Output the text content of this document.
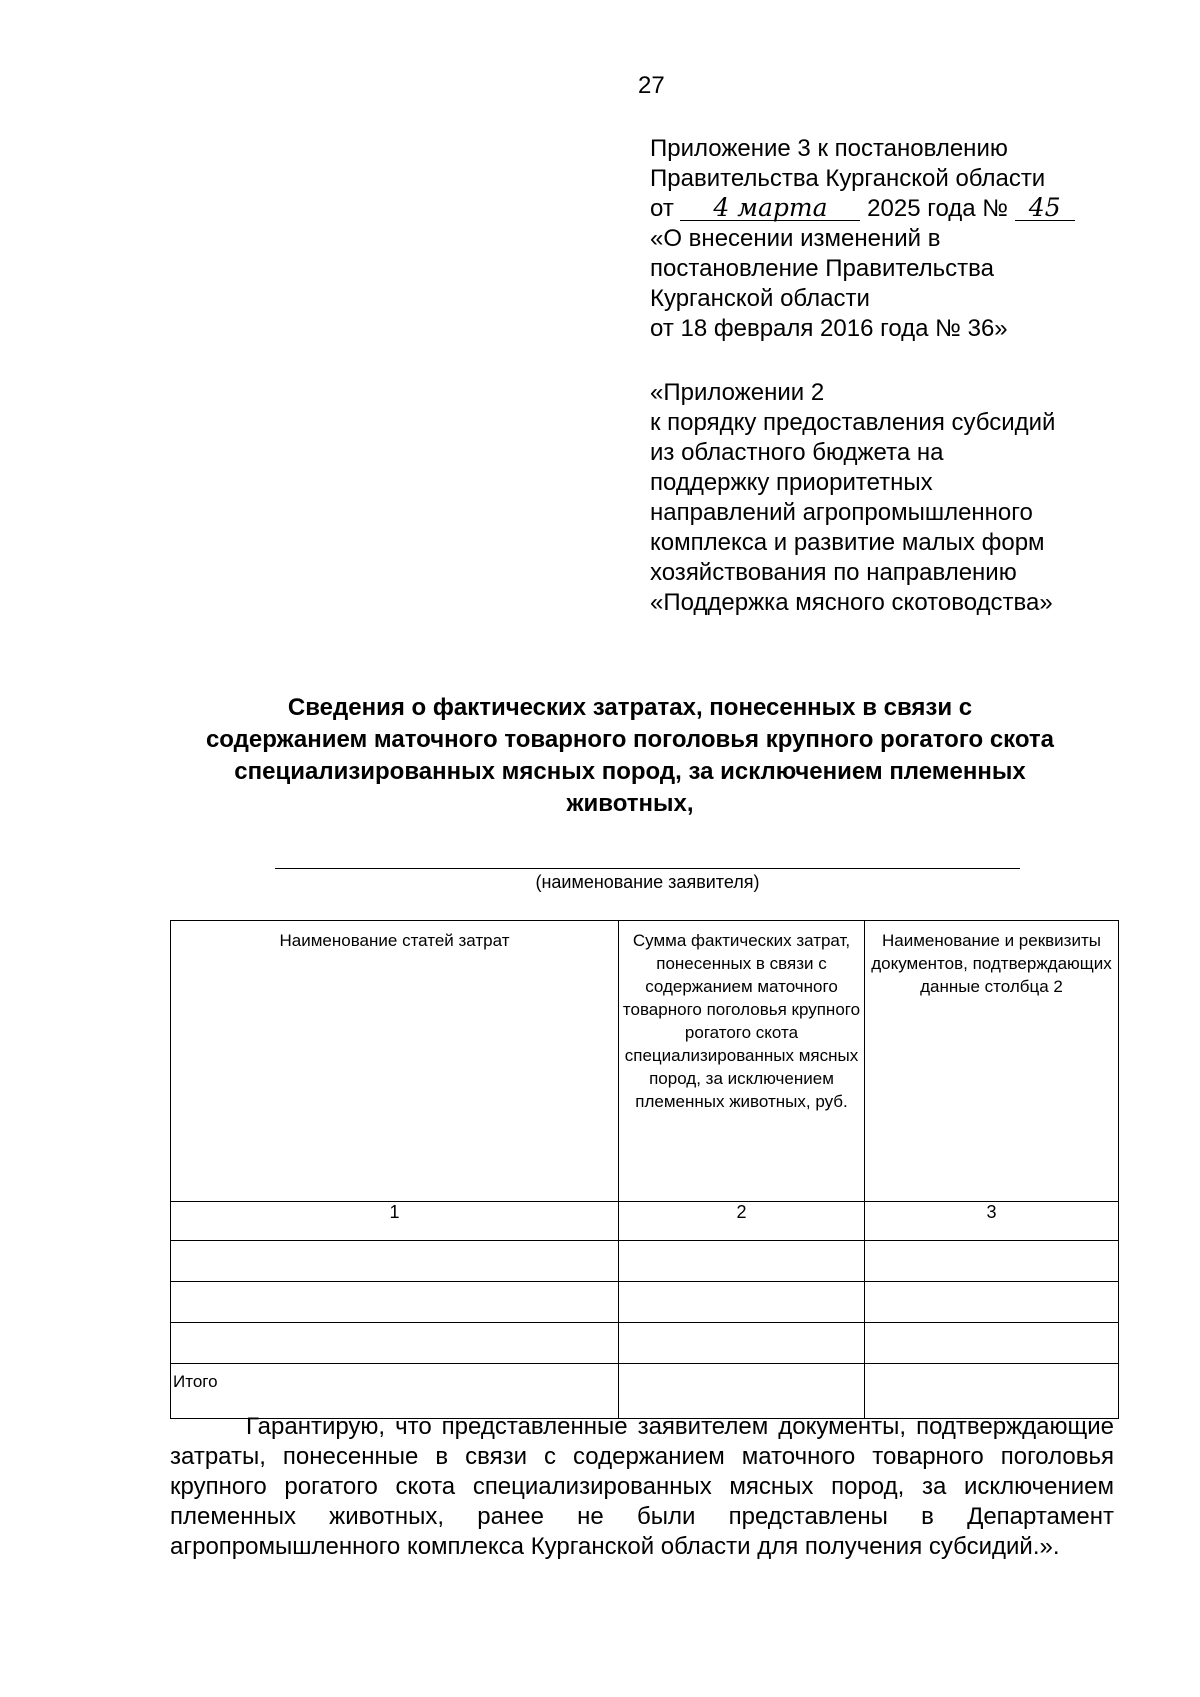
27
Приложение 3 к постановлению
Правительства Курганской области
от 4 марта 2025 года № 45
«О внесении изменений в
постановление Правительства
Курганской области
от 18 февраля 2016 года № 36»
«Приложении 2
к порядку предоставления субсидий
из областного бюджета на
поддержку приоритетных
направлений агропромышленного
комплекса и развитие малых форм
хозяйствования по направлению
«Поддержка мясного скотоводства»
Сведения о фактических затратах, понесенных в связи с
содержанием маточного товарного поголовья крупного рогатого скота
специализированных мясных пород, за исключением племенных
животных,
(наименование заявителя)
Наименование статей затрат	Сумма фактических затрат, понесенных в связи с содержанием маточного товарного поголовья крупного рогатого скота специализированных мясных пород, за исключением племенных животных, руб.	Наименование и реквизиты документов, подтверждающих данные столбца 2
1	2	3

Итого		
Гарантирую, что представленные заявителем документы, подтверждающие затраты, понесенные в связи с содержанием маточного товарного поголовья крупного рогатого скота специализированных мясных пород, за исключением племенных животных, ранее не были представлены в Департамент агропромышленного комплекса Курганской области для получения субсидий.».
